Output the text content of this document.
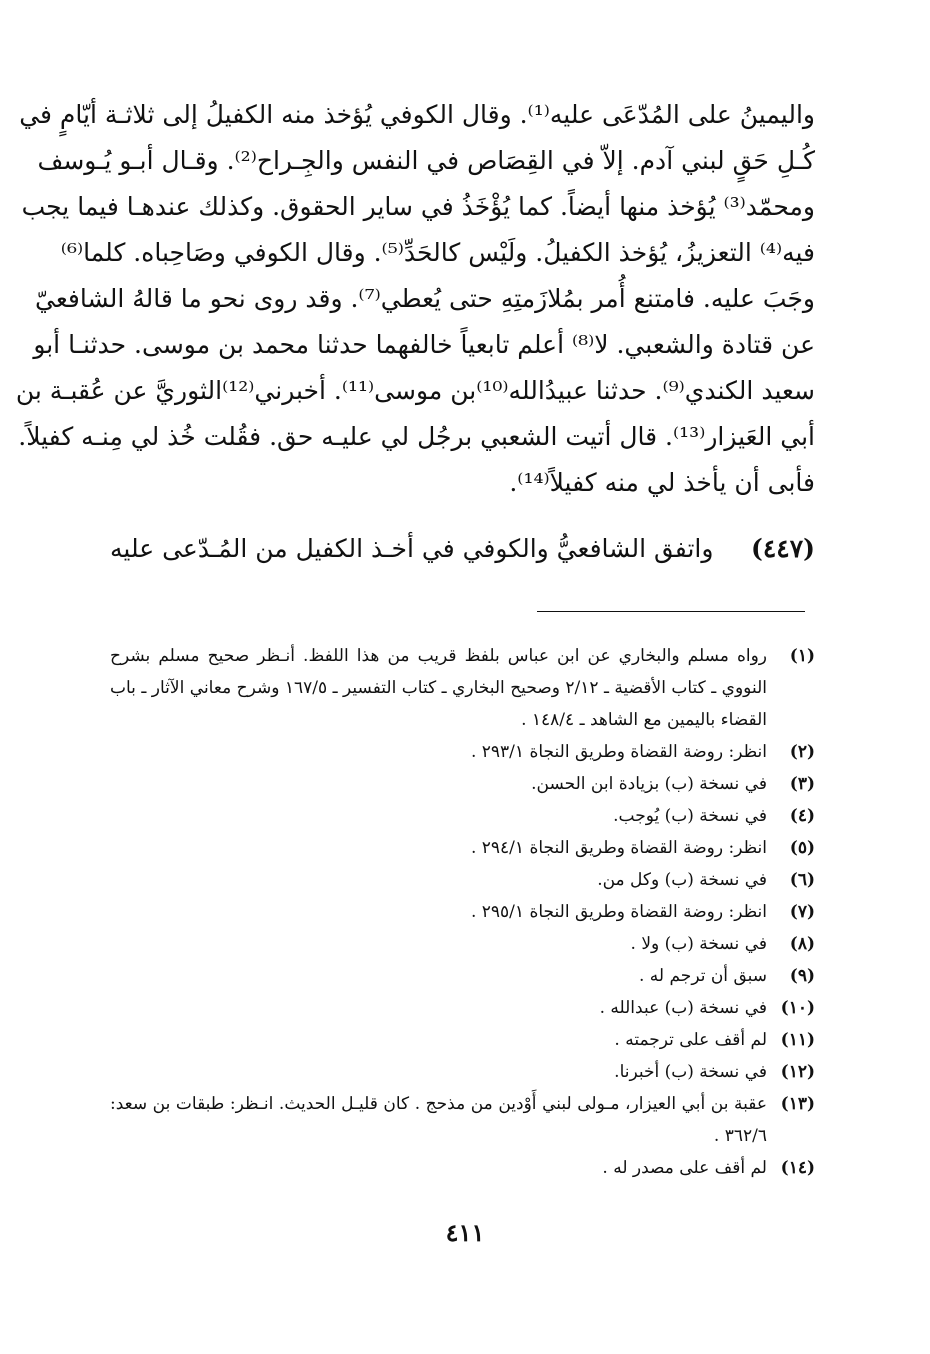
واليمينُ على المُدّعَى عليه⁽¹⁾. وقال الكوفي يُؤخذ منه الكفيلُ إلى ثلاثـة أيّامٍ في
كُـلِ حَقٍ لبني آدم. إلاّ في القِصَاص في النفس والجِـراح⁽²⁾. وقـال أبـو يُـوسف
ومحمّد⁽³⁾ يُؤخذ منها أيضاً. كما يُؤْخَذُ في ساير الحقوق. وكذلك عندهـا فيما يجب
فيه⁽⁴⁾ التعزيزُ، يُؤخذ الكفيلُ. ولَيْس كالحَدِّ⁽⁵⁾. وقال الكوفي وصَاحِباه. كلما⁽⁶⁾
وجَبَ عليه. فامتنع أُمر بمُلازَمتِهِ حتى يُعطي⁽⁷⁾. وقد روى نحو ما قالهُ الشافعيّ
عن قتادة والشعبي. لا⁽⁸⁾ أعلم تابعياً خالفهما حدثنا محمد بن موسى. حدثنـا أبو
سعيد الكندي⁽⁹⁾. حدثنا عبيدُالله⁽¹⁰⁾بن موسى⁽¹¹⁾. أخبرني⁽¹²⁾الثوريَّ عن عُقبـة بن
أبي العَيزار⁽¹³⁾. قال أتيت الشعبي برجُل لي عليـه حق. فقُلت خُذ لي مِنـه كفيلاً.
فأبى أن يأخذ لي منه كفيلاً⁽¹⁴⁾.
(٤٤٧)
واتفق الشافعيُّ والكوفي في أخـذ الكفيل من المُـدّعى عليه
(١)
رواه مسلم والبخاري عن ابن عباس بلفظ قريب من هذا اللفظ. أنـظر صحيح مسلم بشرح النووي ـ كتاب الأقضية ـ ٢/١٢ وصحيح البخاري ـ كتاب التفسير ـ ١٦٧/٥ وشرح معاني الآثار ـ باب القضاء باليمين مع الشاهد ـ ١٤٨/٤ .
(٢)
انظر: روضة القضاة وطريق النجاة ٢٩٣/١ .
(٣)
في نسخة (ب) بزيادة ابن الحسن.
(٤)
في نسخة (ب) يُوجب.
(٥)
انظر: روضة القضاة وطريق النجاة ٢٩٤/١ .
(٦)
في نسخة (ب) وكل من.
(٧)
انظر: روضة القضاة وطريق النجاة ٢٩٥/١ .
(٨)
في نسخة (ب) ولا .
(٩)
سبق أن ترجم له .
(١٠)
في نسخة (ب) عبدالله .
(١١)
لم أقف على ترجمته .
(١٢)
في نسخة (ب) أخبرنا.
(١٣)
عقبة بن أبي العيزار، مـولى لبني أَوْدين من مذحج . كان قليـل الحديث. انـظر: طبقات بن سعد: ٣٦٢/٦ .
(١٤)
لم أقف على مصدر له .
٤١١
